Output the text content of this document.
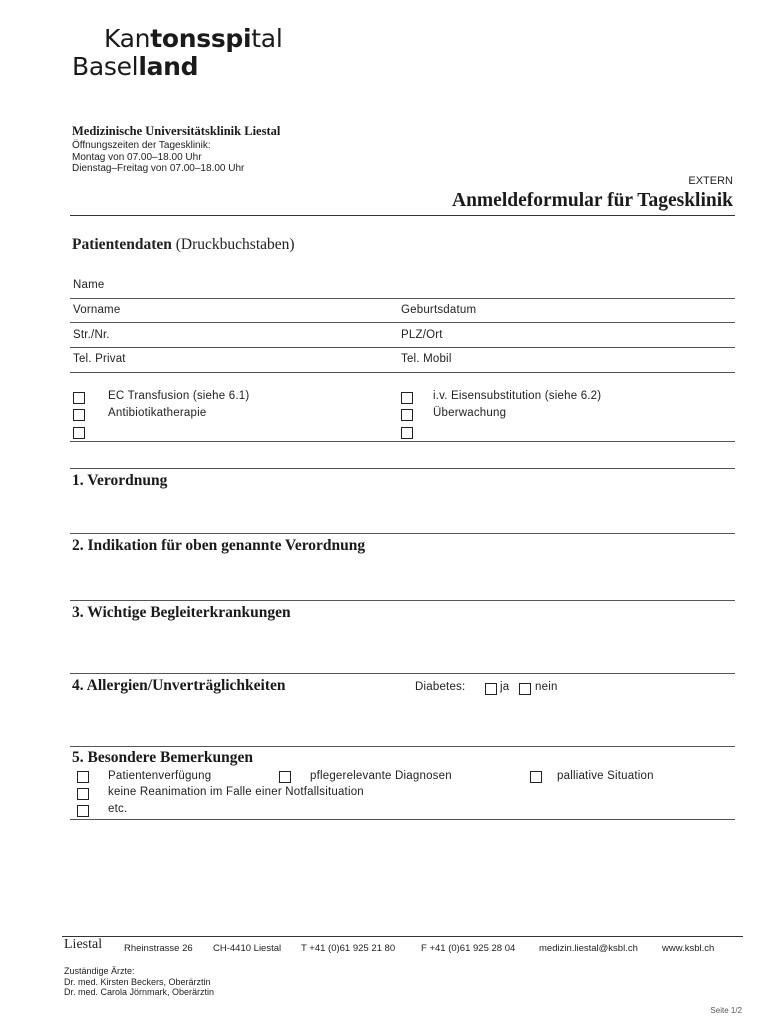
Kantonsspital
Baselland
Medizinische Universitätsklinik Liestal
Öffnungszeiten der Tagesklinik:
Montag von 07.00–18.00 Uhr
Dienstag–Freitag von 07.00–18.00 Uhr
EXTERN
Anmeldeformular für Tagesklinik
Patientendaten (Druckbuchstaben)
Name
Vorname	Geburtsdatum
Str./Nr.	PLZ/Ort
Tel. Privat	Tel. Mobil
EC Transfusion (siehe 6.1)
Antibiotikatherapie
i.v. Eisensubstitution (siehe 6.2)
Überwachung
1. Verordnung
2. Indikation für oben genannte Verordnung
3. Wichtige Begleiterkrankungen
4. Allergien/Unverträglichkeiten	Diabetes:	ja nein
5. Besondere Bemerkungen
Patientenverfügung	pflegerelevante Diagnosen	palliative Situation
keine Reanimation im Falle einer Notfallsituation
etc.
Liestal Rheinstrasse 26 CH-4410 Liestal T +41 (0)61 925 21 80	F +41 (0)61 925 28 04 medizin.liestal@ksbl.ch	www.ksbl.ch
Zuständige Ärzte:
Dr. med. Kirsten Beckers, Oberärztin
Dr. med. Carola Jörnmark, Oberärztin
Seite 1/2
